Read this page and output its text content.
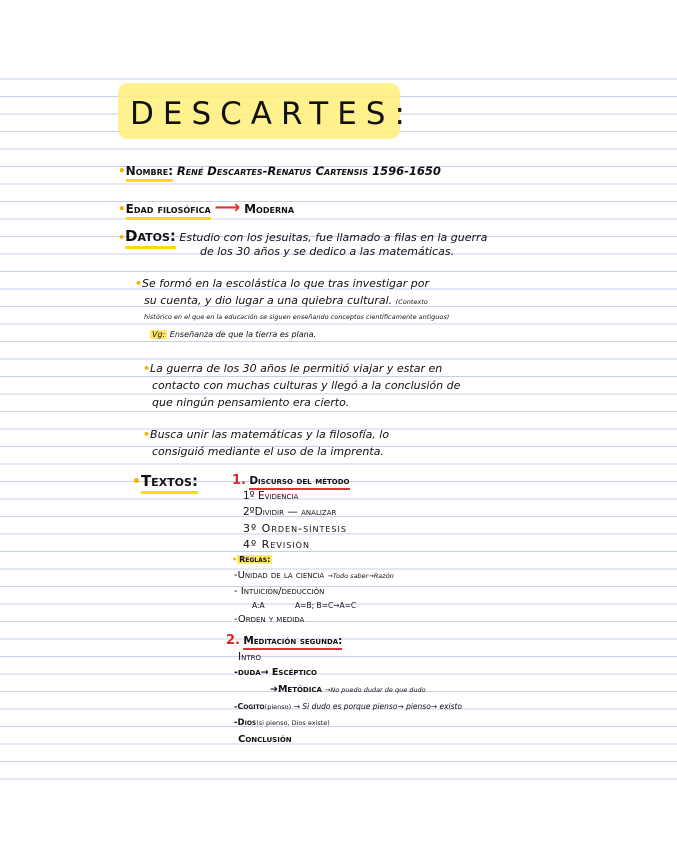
DESCARTES:
•Nombre: René Descartes-Renatus Cartensis 1596-1650
•Edad filosófica ⟶ Moderna
•Datos: Estudio con los jesuitas, fue llamado a filas en la guerra
de los 30 años y se dedico a las matemáticas.
•Se formó en la escolástica lo que tras investigar por
su cuenta, y dio lugar a una quiebra cultural. (Contexto
histórico en el que en la educación se siguen enseñando conceptos científicamente antiguos)
Vg: Enseñanza de que la tierra es plana.
•La guerra de los 30 años le permitió viajar y estar en
contacto con muchas culturas y llegó a la conclusión de
que ningún pensamiento era cierto.
•Busca unir las matemáticas y la filosofía, lo
consiguió mediante el uso de la imprenta.
•Textos:	1. Discurso del método
1º Evidencia
2ºDividir — analizar
3º Orden-síntesis
4º Revisión
• Reglas:
-Unidad de la ciencia →Todo saber→Razón
- Intuición/deducción
A:A	A=B; B=C→A=C
-Orden y medida
2. Meditación segunda:
Intro
-duda→ Escéptico
➔Metódica →No puedo dudar de que dudo
-Cogito(pienso) → Si dudo es porque pienso→ pienso→ existo
-Dios(si pienso, Dios existe)
Conclusión
